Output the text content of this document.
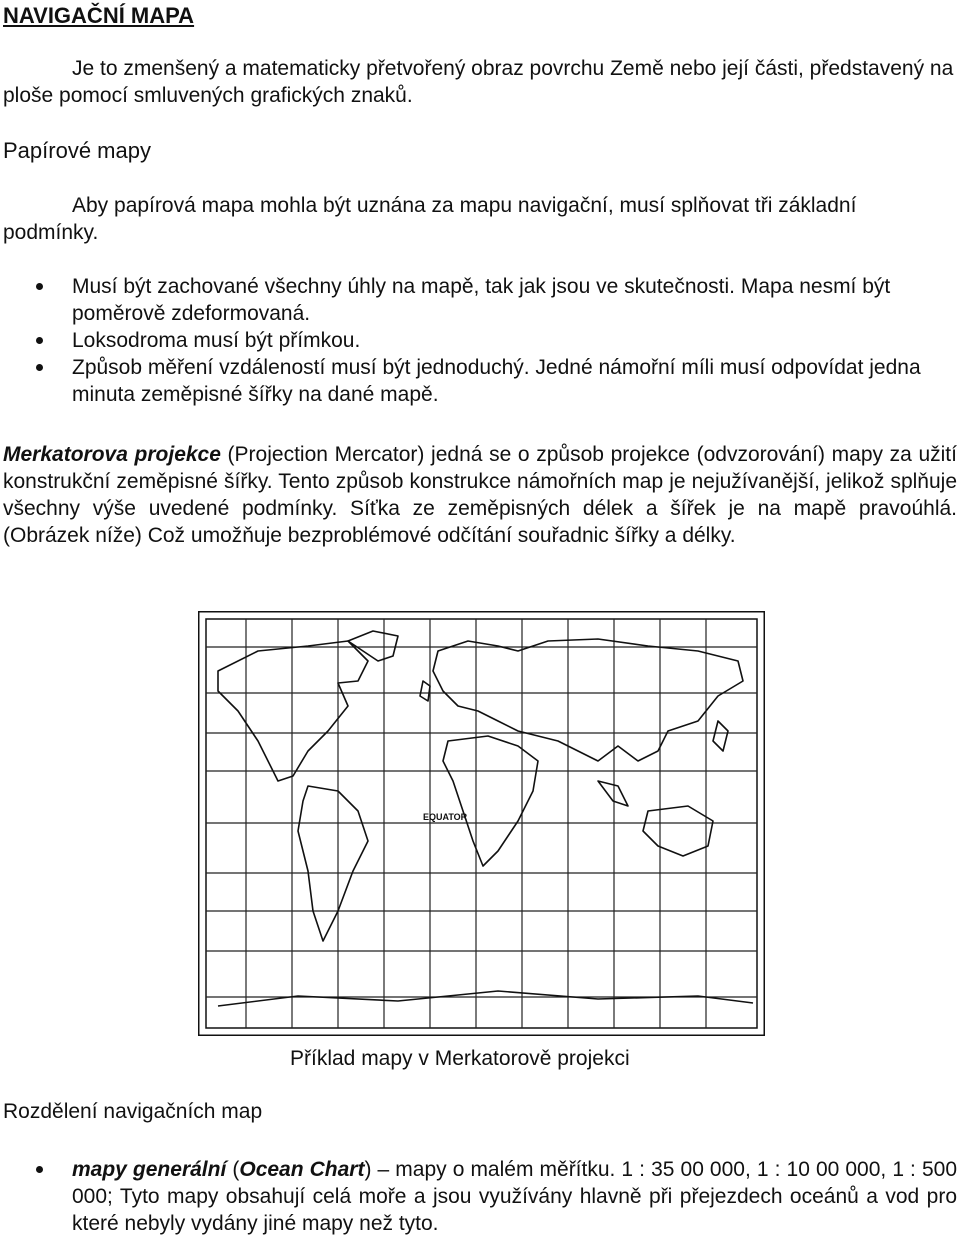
NAVIGAČNÍ MAPA
Je to zmenšený a matematicky přetvořený obraz povrchu Země nebo její části, představený na ploše pomocí smluvených grafických znaků.
Papírové mapy
Aby papírová mapa mohla být uznána za mapu navigační, musí splňovat tři základní podmínky.
Musí být zachované všechny úhly na mapě, tak jak jsou ve skutečnosti. Mapa nesmí být poměrově zdeformovaná.
Loksodroma musí být přímkou.
Způsob měření vzdáleností musí být jednoduchý. Jedné námořní míli musí odpovídat jedna minuta zeměpisné šířky na dané mapě.
Merkatorova projekce (Projection Mercator) jedná se o způsob projekce (odvzorování) mapy za užití konstrukční zeměpisné šířky. Tento způsob konstrukce námořních map je nejužívanější, jelikož splňuje všechny výše uvedené podmínky. Síťka ze zeměpisných délek a šířek je na mapě pravoúhlá. (Obrázek níže) Což umožňuje bezproblémové odčítání souřadnic šířky a délky.
EQUATOR
Příklad mapy v Merkatorově projekci
Rozdělení navigačních map
mapy generální (Ocean Chart) – mapy o malém měřítku. 1 : 35 00 000, 1 : 10 00 000, 1 : 500 000; Tyto mapy obsahují celá moře a jsou využívány hlavně při přejezdech oceánů a vod pro které nebyly vydány jiné mapy než tyto.
